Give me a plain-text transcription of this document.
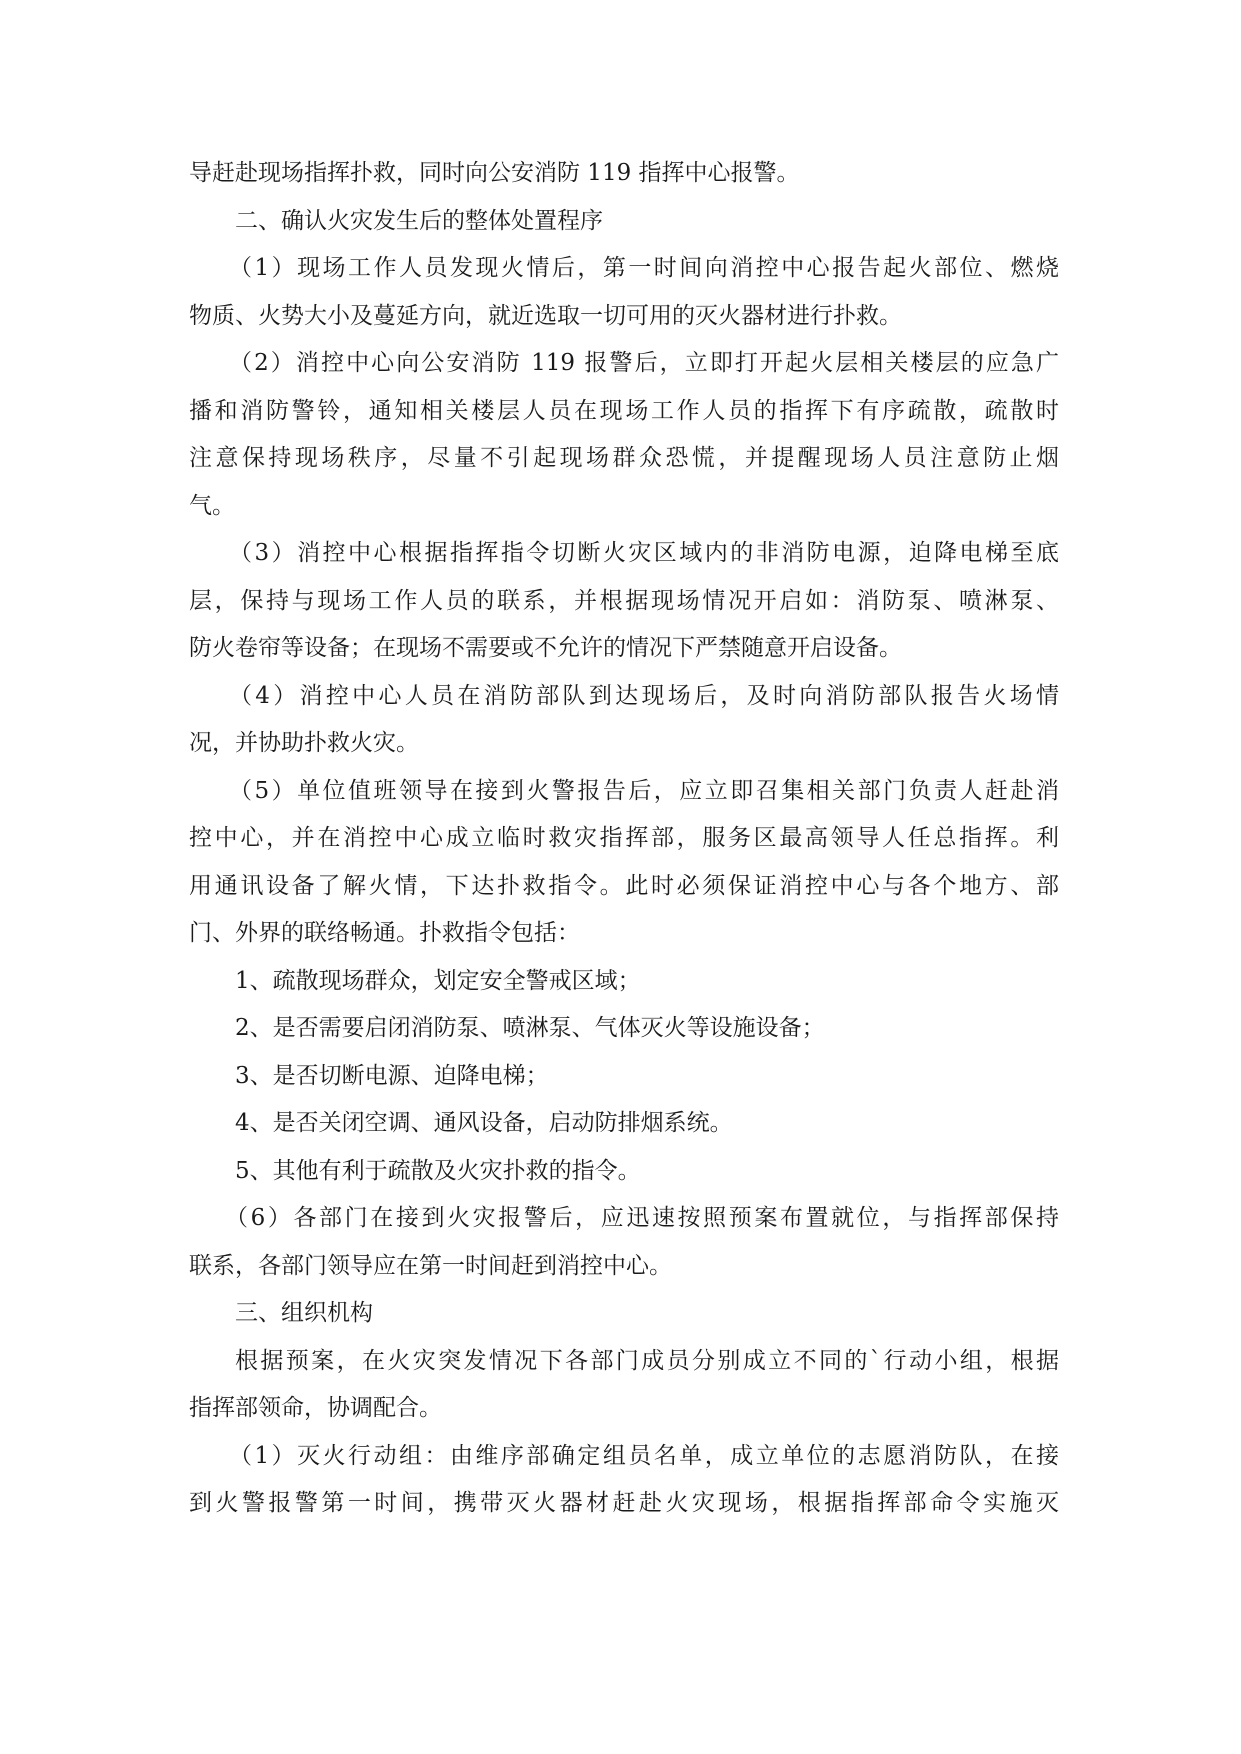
导赶赴现场指挥扑救，同时向公安消防 119 指挥中心报警。
二、确认火灾发生后的整体处置程序
（1）现场工作人员发现火情后，第一时间向消控中心报告起火部位、燃烧
物质、火势大小及蔓延方向，就近选取一切可用的灭火器材进行扑救。
（2）消控中心向公安消防 119 报警后，立即打开起火层相关楼层的应急广
播和消防警铃，通知相关楼层人员在现场工作人员的指挥下有序疏散，疏散时
注意保持现场秩序，尽量不引起现场群众恐慌，并提醒现场人员注意防止烟
气。
（3）消控中心根据指挥指令切断火灾区域内的非消防电源，迫降电梯至底
层，保持与现场工作人员的联系，并根据现场情况开启如：消防泵、喷淋泵、
防火卷帘等设备；在现场不需要或不允许的情况下严禁随意开启设备。
（4）消控中心人员在消防部队到达现场后，及时向消防部队报告火场情
况，并协助扑救火灾。
（5）单位值班领导在接到火警报告后，应立即召集相关部门负责人赶赴消
控中心，并在消控中心成立临时救灾指挥部，服务区最高领导人任总指挥。利
用通讯设备了解火情，下达扑救指令。此时必须保证消控中心与各个地方、部
门、外界的联络畅通。扑救指令包括：
1、疏散现场群众，划定安全警戒区域；
2、是否需要启闭消防泵、喷淋泵、气体灭火等设施设备；
3、是否切断电源、迫降电梯；
4、是否关闭空调、通风设备，启动防排烟系统。
5、其他有利于疏散及火灾扑救的指令。
（6）各部门在接到火灾报警后，应迅速按照预案布置就位，与指挥部保持
联系，各部门领导应在第一时间赶到消控中心。
三、组织机构
根据预案，在火灾突发情况下各部门成员分别成立不同的`行动小组，根据
指挥部领命，协调配合。
（1）灭火行动组：由维序部确定组员名单，成立单位的志愿消防队，在接
到火警报警第一时间，携带灭火器材赶赴火灾现场，根据指挥部命令实施灭
